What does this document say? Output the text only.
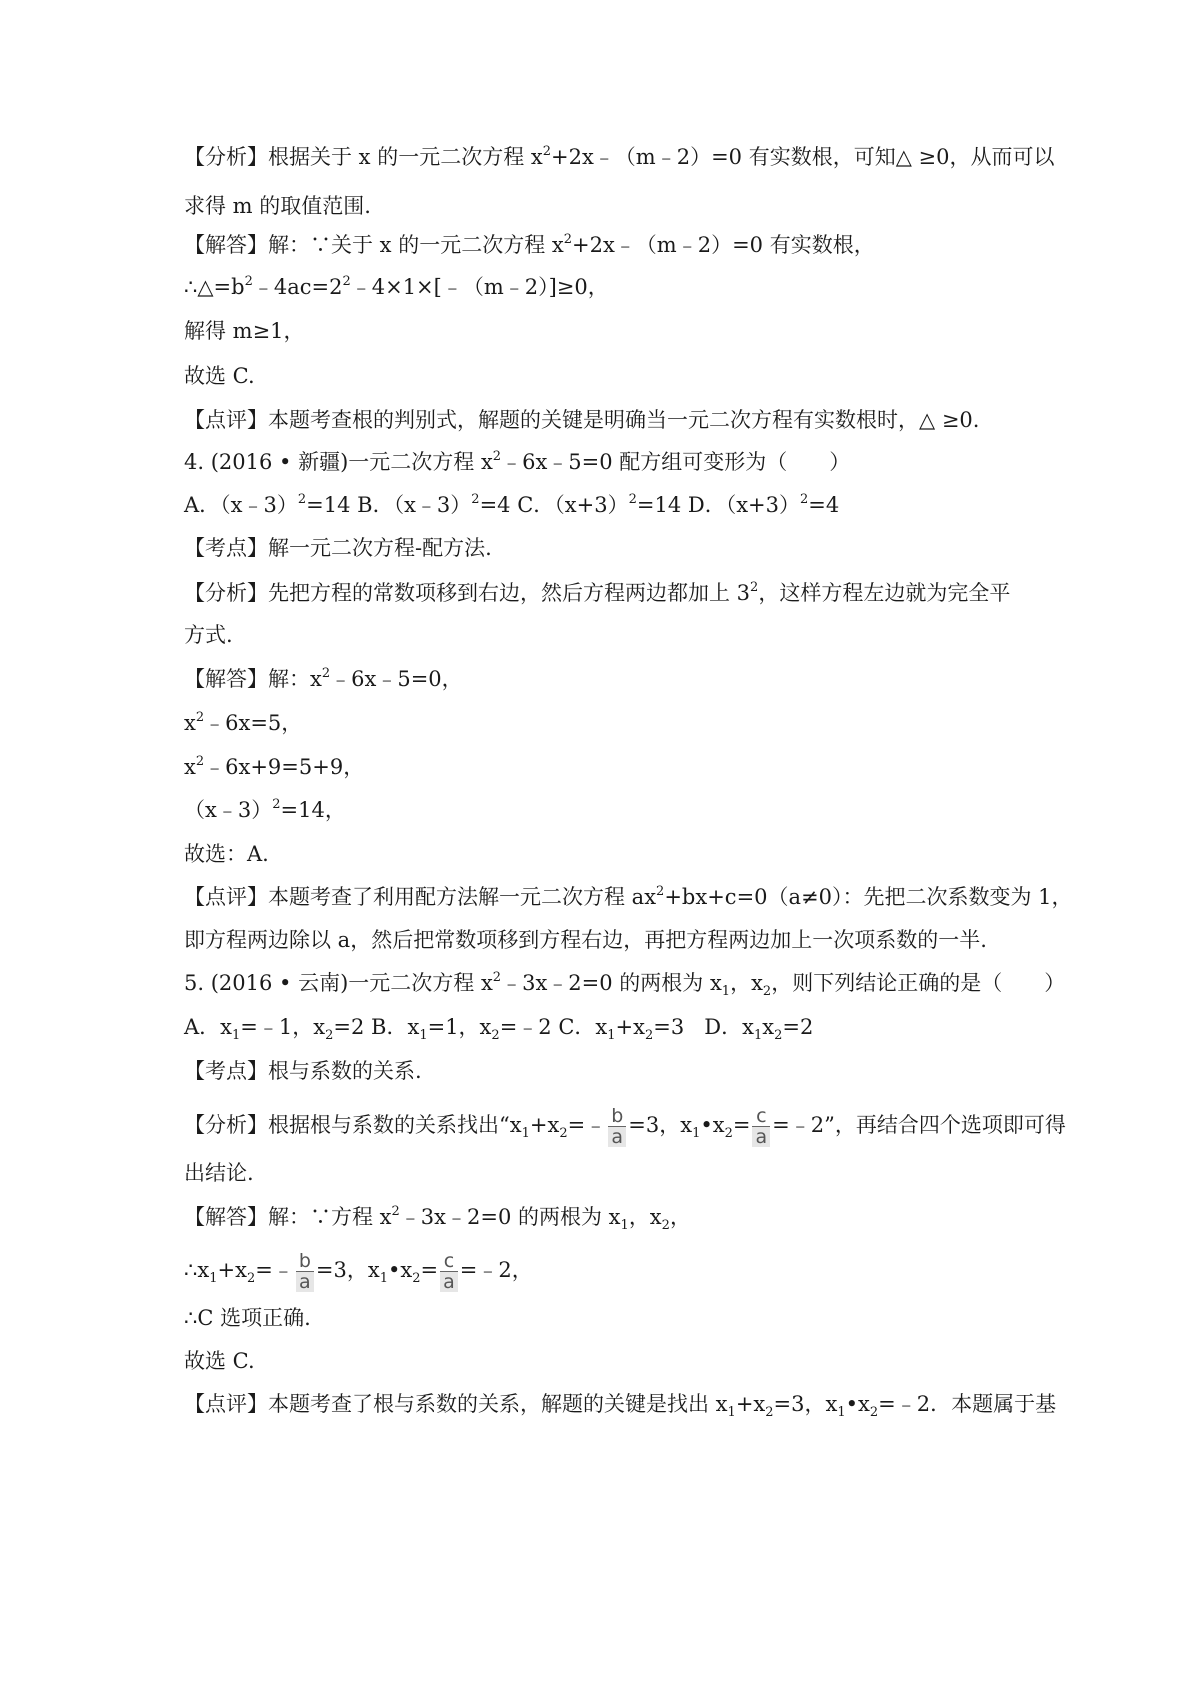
【分析】根据关于 x 的一元二次方程 $x^2+2x﹣(m﹣2)=0$ 有实数根，可知△ ≥0，从而可以
求得 m 的取值范围.
【解答】解：∵关于 x 的一元二次方程 $x^2+2x﹣(m﹣2)=0$ 有实数根，
$\therefore\triangle=b^2﹣4ac=2^2﹣4\times 1\times[﹣(m﹣2)]\ge 0$，
解得 m≥1，
故选 C.
【点评】本题考查根的判别式，解题的关键是明确当一元二次方程有实数根时，△ ≥0.
4. (2016 • 新疆)一元二次方程 $x^2﹣6x﹣5=0$ 配方组可变形为（　　）
A．（x﹣3）$^2$=14 B．（x﹣3）$^2$=4 C．$(x+3)^2=14$ D．$(x+3)^2=4$
【考点】解一元二次方程-配方法.
【分析】先把方程的常数项移到右边，然后方程两边都加上 $3^2$，这样方程左边就为完全平
方式.
【解答】解：$x^2﹣6x﹣5=0$，
$x^2﹣6x=5$，
$x^2﹣6x+9=5+9$，
（x﹣3）$^2$=14，
故选：A.
【点评】本题考查了利用配方法解一元二次方程 $ax^2+bx+c=0(a\ne 0)$：先把二次系数变为 1，
即方程两边除以 a，然后把常数项移到方程右边，再把方程两边加上一次项系数的一半.
5. (2016 • 云南)一元二次方程 $x^2﹣3x﹣2=0$ 的两根为 $x_1$，$x_2$，则下列结论正确的是（　　）
A．$x_1=﹣1$，$x_2=2$ B．$x_1=1$，$x_2=﹣2$ C．$x_1+x_2=3$ D．$x_1x_2=2$
【考点】根与系数的关系.
【分析】根据根与系数的关系找出“$x_1+x_2=﹣ \frac{b}{a} =3$，$x_1•x_2= \frac{c}{a}$ =﹣2”，再结合四个选项即可得
出结论.
【解答】解：∵方程 $x^2﹣3x﹣2=0$ 的两根为 $x_1$，$x_2$，
$\therefore x_1+x_2=﹣ \frac{b}{a} =3$，$x_1•x_2= \frac{c}{a}$ =﹣2，
∴C 选项正确.
故选 C.
【点评】本题考查了根与系数的关系，解题的关键是找出 $x_1+x_2=3$，$x_1•x_2=﹣2$．本题属于基
